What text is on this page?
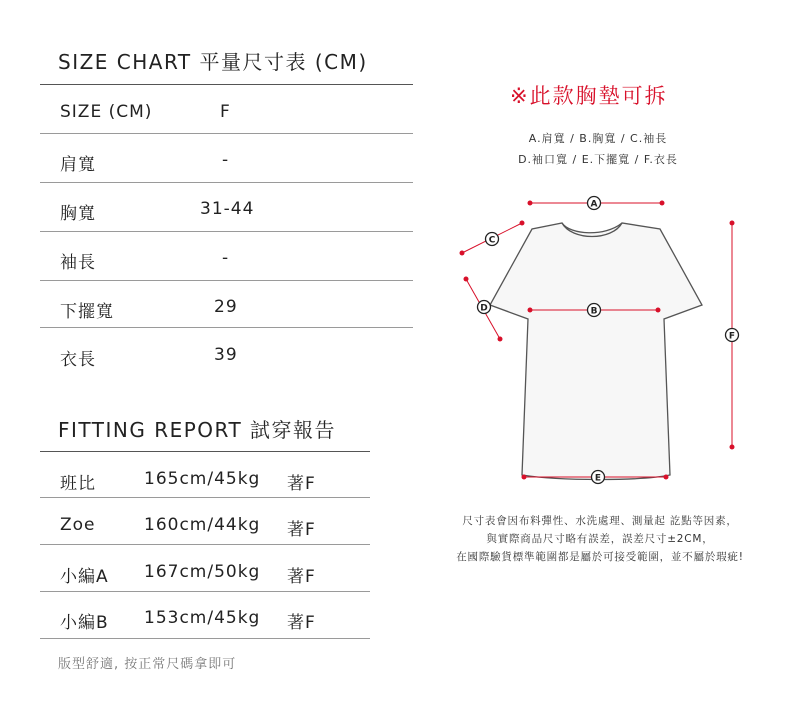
SIZE CHART 平量尺寸表 (CM)
SIZE (CM)	F
肩寬	-
胸寬	31-44
袖長	-
下擺寬	29
衣長	39
FITTING REPORT 試穿報告
班比	165cm/45kg 著F
Zoe	160cm/44kg 著F
小編A 167cm/50kg 著F
小編B 153cm/45kg 著F
版型舒適, 按正常尺碼拿即可
※此款胸墊可拆
A.肩寬 / B.胸寬 / C.袖長
D.袖口寬 / E.下擺寬 / F.衣長
A
C
D	B
F
E
尺寸表會因布料彈性、水洗處理、測量起 訖點等因素，
與實際商品尺寸略有誤差，誤差尺寸±2CM，
在國際驗貨標準範圍都是屬於可接受範圍，並不屬於瑕疵!
